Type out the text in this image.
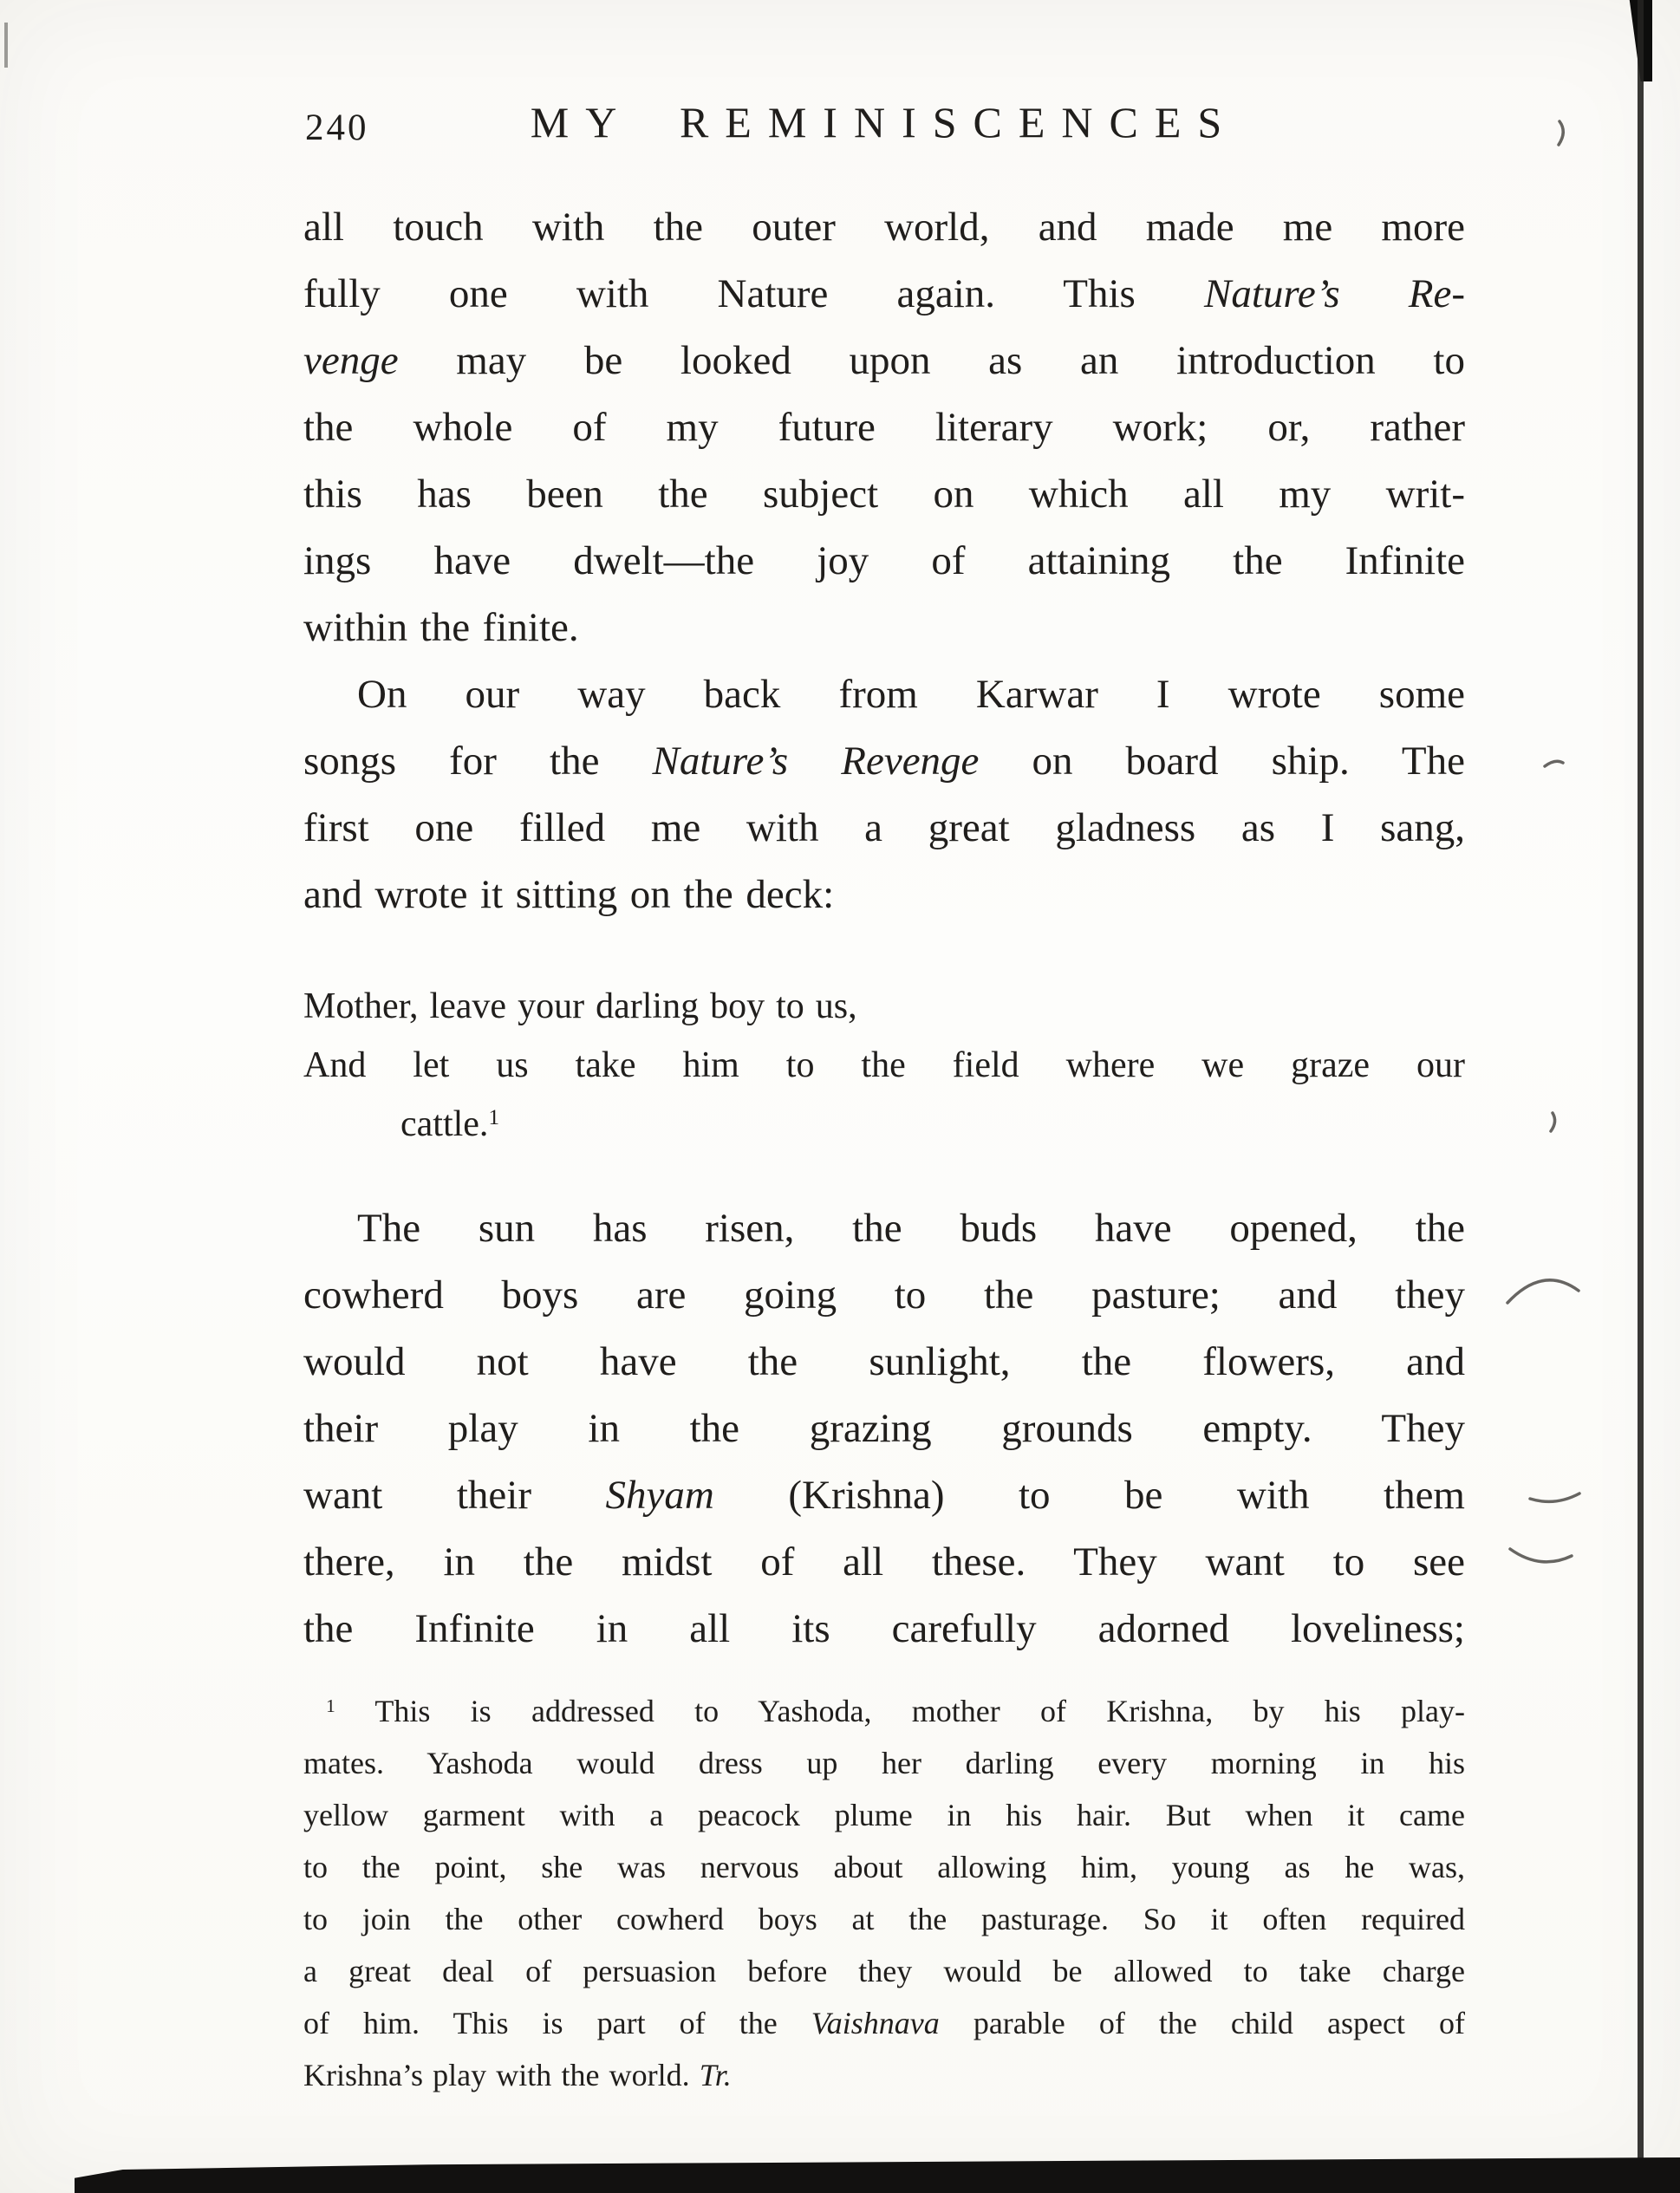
240	MY REMINISCENCES
all touch with the outer world, and made me more
fully one with Nature again. This Nature’s Re-
venge may be looked upon as an introduction to
the whole of my future literary work; or, rather
this has been the subject on which all my writ-
ings have dwelt—the joy of attaining the Infinite
within the finite.
On our way back from Karwar I wrote some
songs for the Nature’s Revenge on board ship. The
first one filled me with a great gladness as I sang,
and wrote it sitting on the deck:
Mother, leave your darling boy to us,
And let us take him to the field where we graze our
cattle.$^1$
The sun has risen, the buds have opened, the
cowherd boys are going to the pasture; and they
would not have the sunlight, the flowers, and
their play in the grazing grounds empty. They
want their Shyam (Krishna) to be with them
there, in the midst of all these. They want to see
the Infinite in all its carefully adorned loveliness;
$^1$ This is addressed to Yashoda, mother of Krishna, by his play-
mates. Yashoda would dress up her darling every morning in his
yellow garment with a peacock plume in his hair. But when it came
to the point, she was nervous about allowing him, young as he was,
to join the other cowherd boys at the pasturage. So it often required
a great deal of persuasion before they would be allowed to take charge
of him. This is part of the Vaishnava parable of the child aspect of
Krishna’s play with the world. Tr.
